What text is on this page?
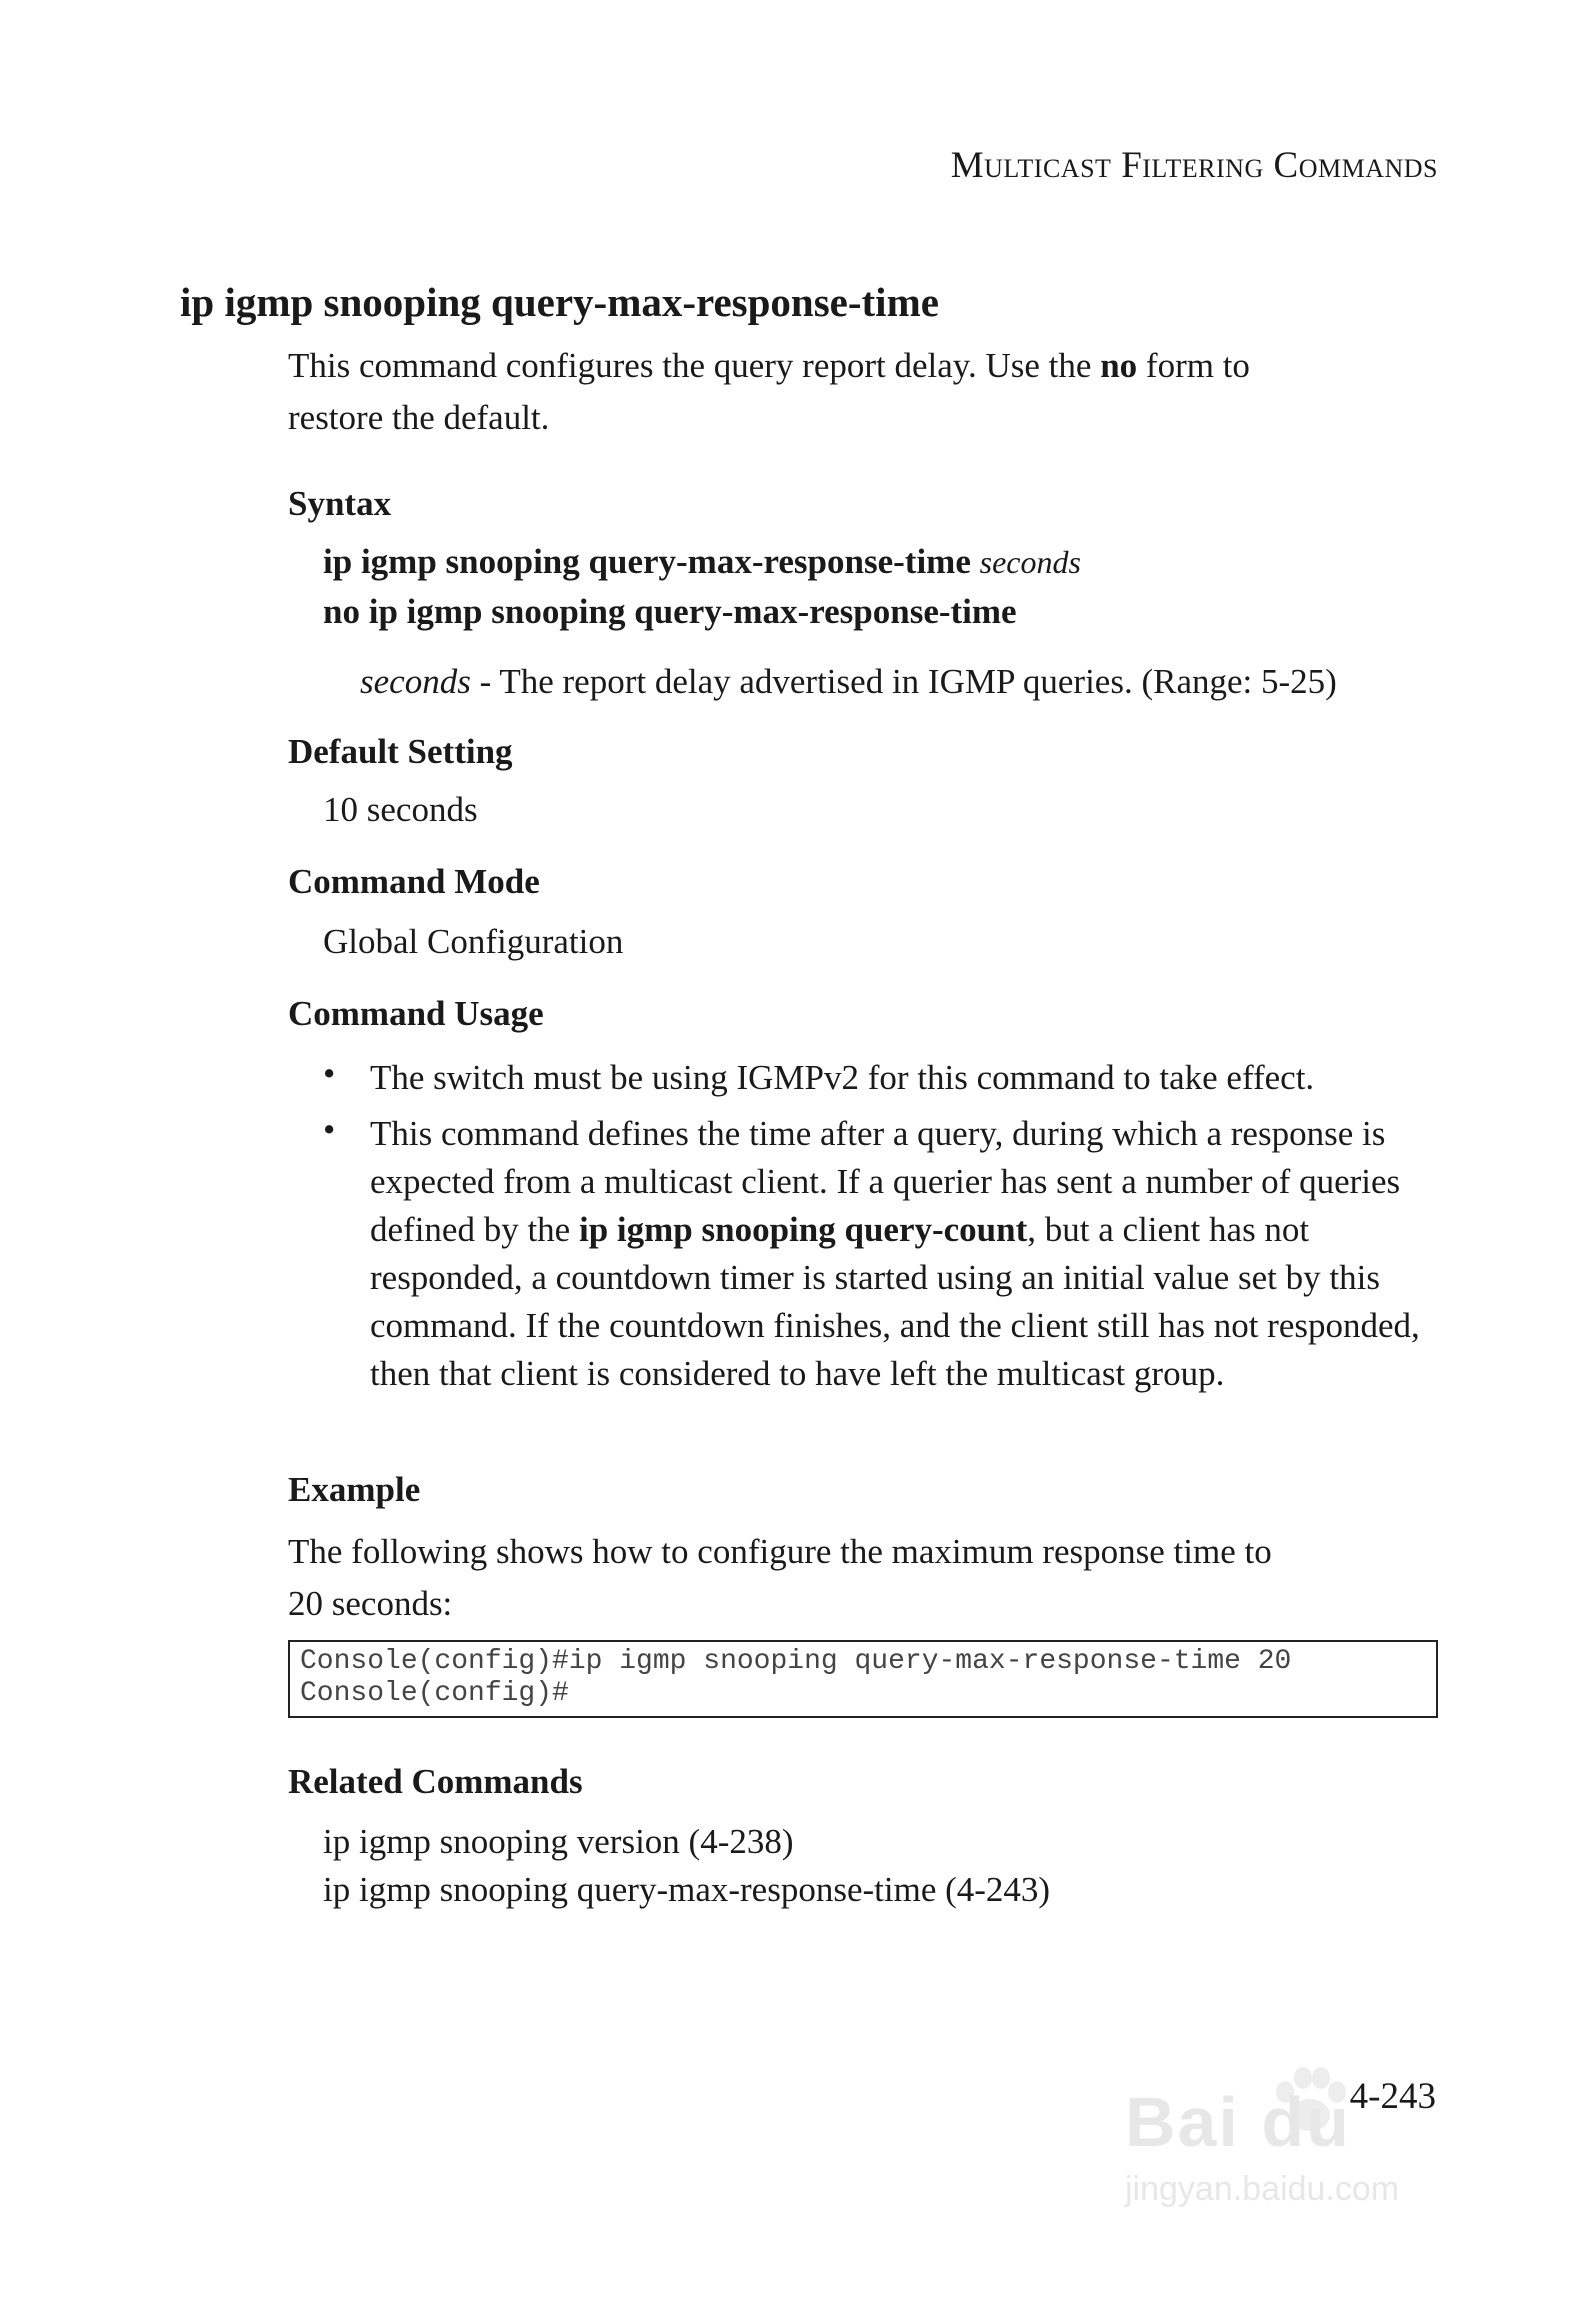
Multicast Filtering Commands
ip igmp snooping query-max-response-time

This command configures the query report delay. Use the no form to

restore the default.

Syntax

ip igmp snooping query-max-response-time seconds

no ip igmp snooping query-max-response-time

seconds - The report delay advertised in IGMP queries. (Range: 5-25)

Default Setting

10 seconds

Command Mode

Global Configuration

Command Usage
• The switch must be using IGMPv2 for this command to take effect.

• This command defines the time after a query, during which a response is expected from a multicast client. If a querier has sent a number of queries defined by the ip igmp snooping query-count, but a client has not responded, a countdown timer is started using an initial value set by this command. If the countdown finishes, and the client still has not responded, then that client is considered to have left the multicast group.

Example

The following shows how to configure the maximum response time to

20 seconds:

Console(config)#ip igmp snooping query-max-response-time 20
Console(config)#
Related Commands

ip igmp snooping version (4-238)

ip igmp snooping query-max-response-time (4-243)

Bai du
jingyan.baidu.com
4-243
